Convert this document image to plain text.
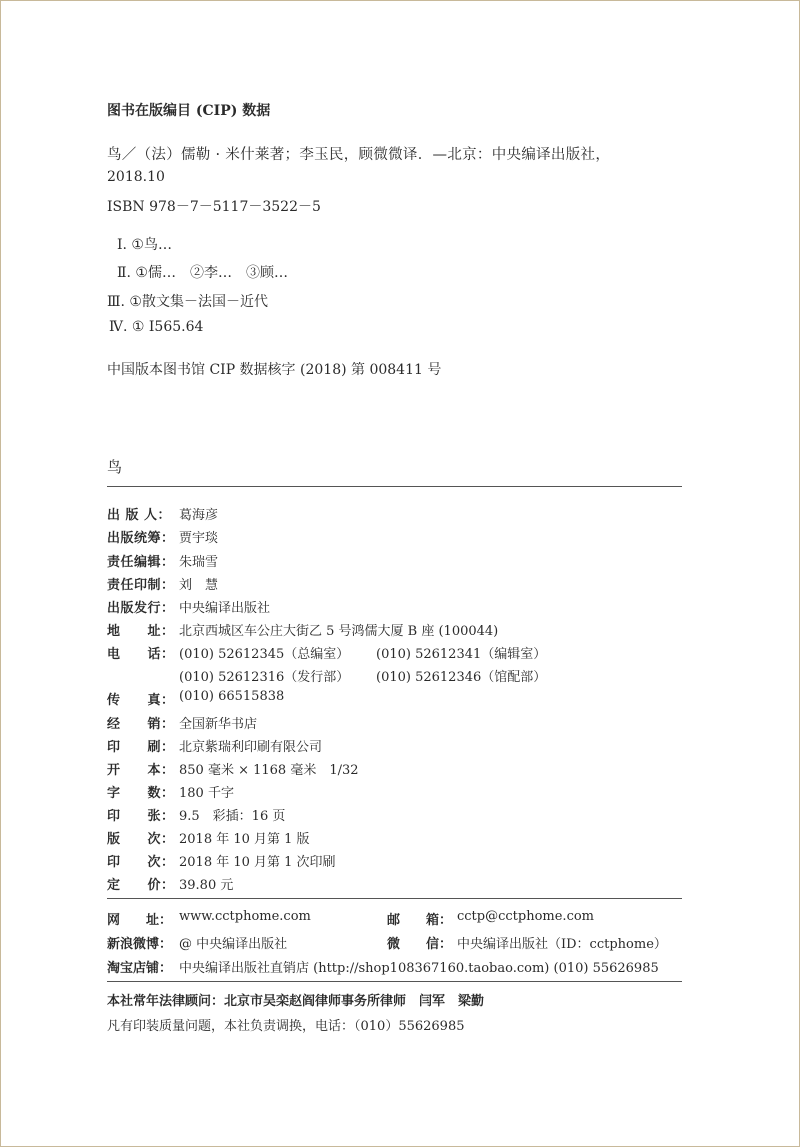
图书在版编目 (CIP) 数据
鸟／（法）儒勒 · 米什莱著；李玉民，顾微微译．—北京：中央编译出版社，
2018.10
ISBN 978－7－5117－3522－5
Ⅰ. ①鸟…
Ⅱ. ①儒…　②李…　③顾…
Ⅲ. ①散文集－法国－近代
Ⅳ. ① I565.64
中国版本图书馆 CIP 数据核字 (2018) 第 008411 号
鸟
出 版 人： 葛海彦
出版统筹： 贾宇琰
责任编辑： 朱瑞雪
责任印制： 刘　慧
出版发行： 中央编译出版社
地　　址： 北京西城区车公庄大街乙 5 号鸿儒大厦 B 座 (100044)
电　　话： (010) 52612345（总编室）	(010) 52612341（编辑室）
(010) 52612316（发行部）	(010) 52612346（馆配部）
传　　真： (010) 66515838
经　　销： 全国新华书店
印　　刷： 北京紫瑞利印刷有限公司
开　　本： 850 毫米 × 1168 毫米　1/32
字　　数： 180 千字
印　　张： 9.5　彩插：16 页
版　　次： 2018 年 10 月第 1 版
印　　次： 2018 年 10 月第 1 次印刷
定　　价： 39.80 元
网　　址： www.cctphome.com	邮　　箱： cctp@cctphome.com
新浪微博： @ 中央编译出版社	微　　信： 中央编译出版社（ID：cctphome）
淘宝店铺： 中央编译出版社直销店 (http://shop108367160.taobao.com) (010) 55626985
本社常年法律顾问：北京市吴栾赵阎律师事务所律师　闫军　梁勤
凡有印装质量问题，本社负责调换，电话：（010）55626985
